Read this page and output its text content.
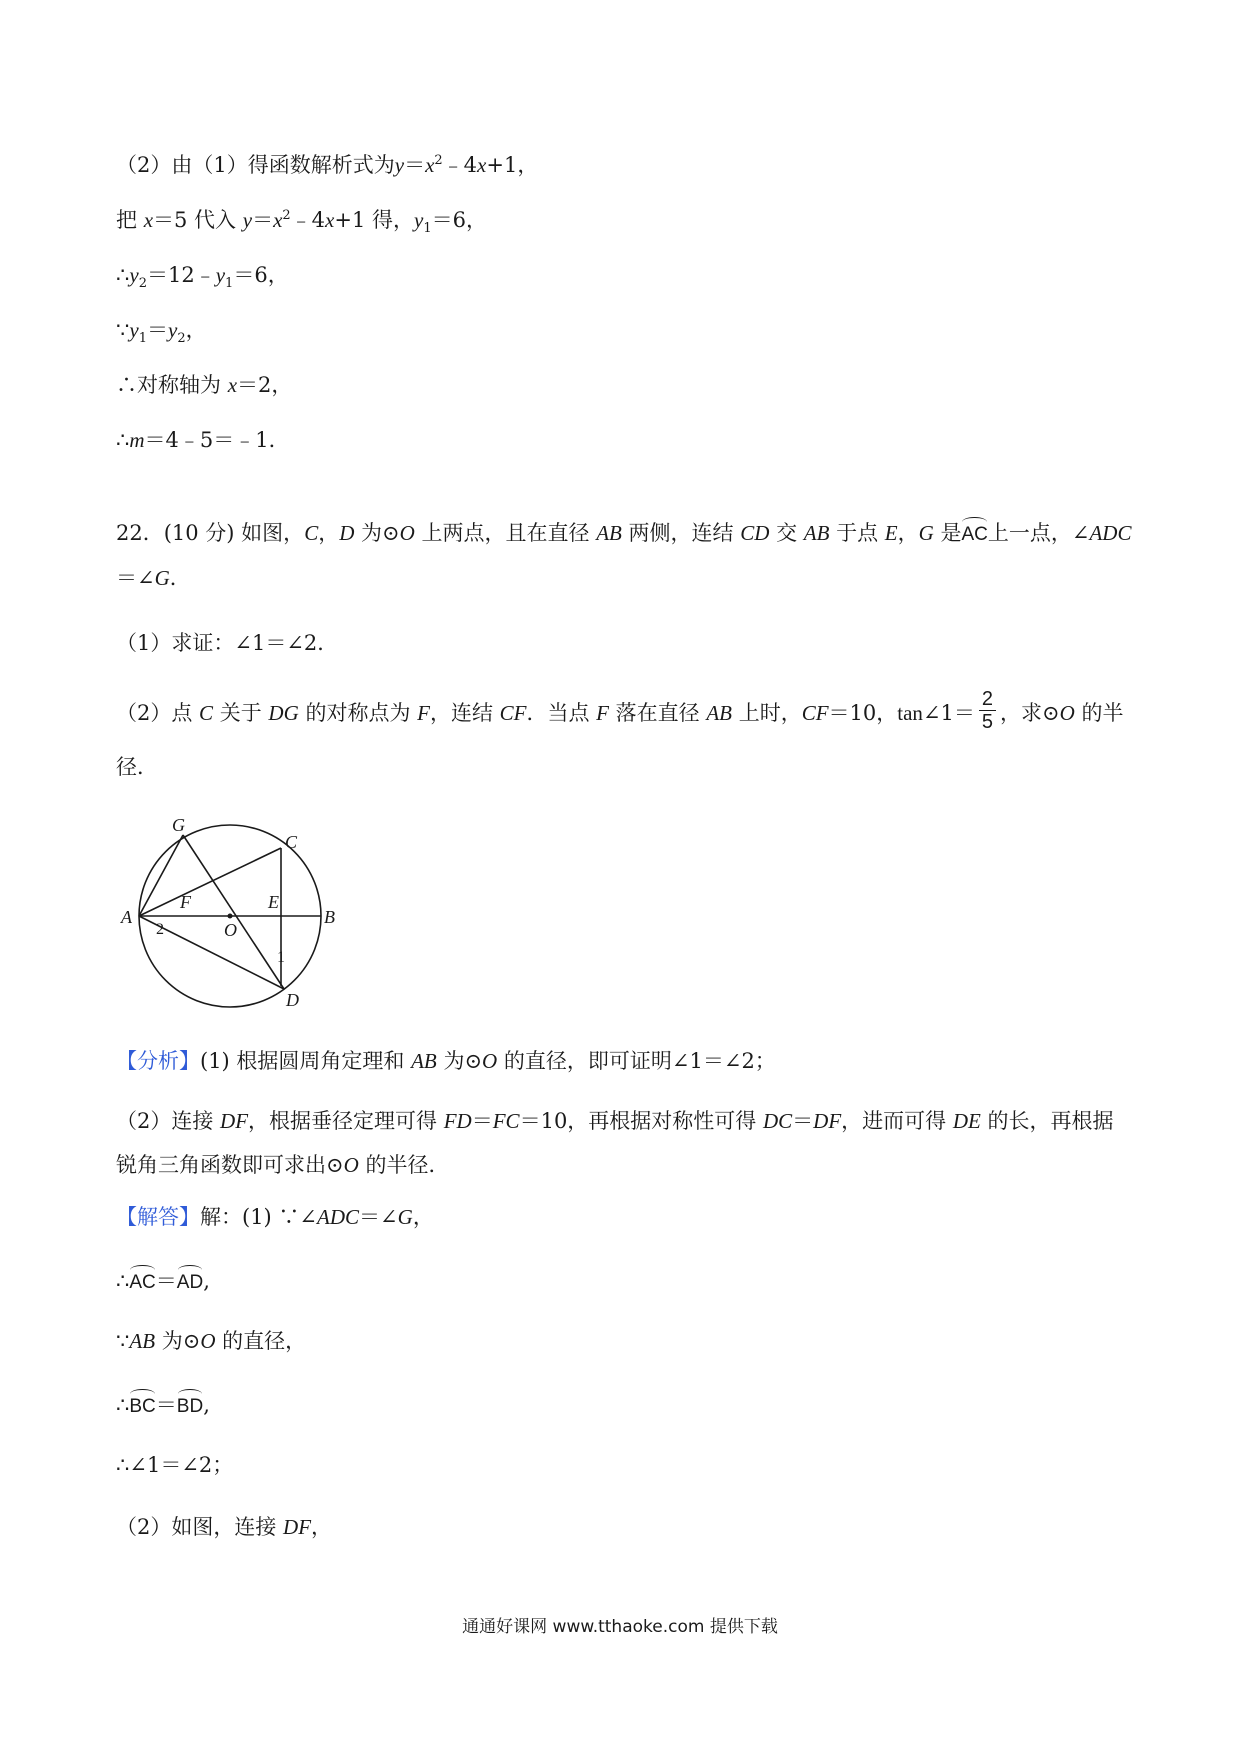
（2）由（1）得函数解析式为$y=x^2﹣4x+1$，
把 x＝5 代入 $y=x^2﹣4x+1$ 得，$y_1=6$，
$\therefore y_2=12﹣y_1=6$，
$\because y_1=y_2$，
∴对称轴为 x＝2，
∴m＝4﹣5＝﹣1．
22．(10 分) 如图，C，D 为⊙O 上两点，且在直径 AB 两侧，连结 CD 交 AB 于点 E，G 是AC上一点，∠ADC
＝∠G．
（1）求证：∠1＝∠2．
（2）点 C 关于 DG 的对称点为 F，连结 CF．当点 F 落在直径 AB 上时，CF＝10，tan∠1＝ $\frac{2}{5}$ ，求⊙O 的半
径．
G
C
A	B
O
E
F
D
1
2
【分析】(1) 根据圆周角定理和 AB 为⊙O 的直径，即可证明∠1＝∠2；
（2）连接 DF，根据垂径定理可得 FD＝FC＝10，再根据对称性可得 DC＝DF，进而可得 DE 的长，再根据
锐角三角函数即可求出⊙O 的半径．
【解答】解：(1) ∵∠ADC＝∠G，
∴AC＝AD,
∵AB 为⊙O 的直径，
∴BC＝BD,
∴∠1＝∠2；
（2）如图，连接 DF，
通通好课网 www.tthaoke.com 提供下载
